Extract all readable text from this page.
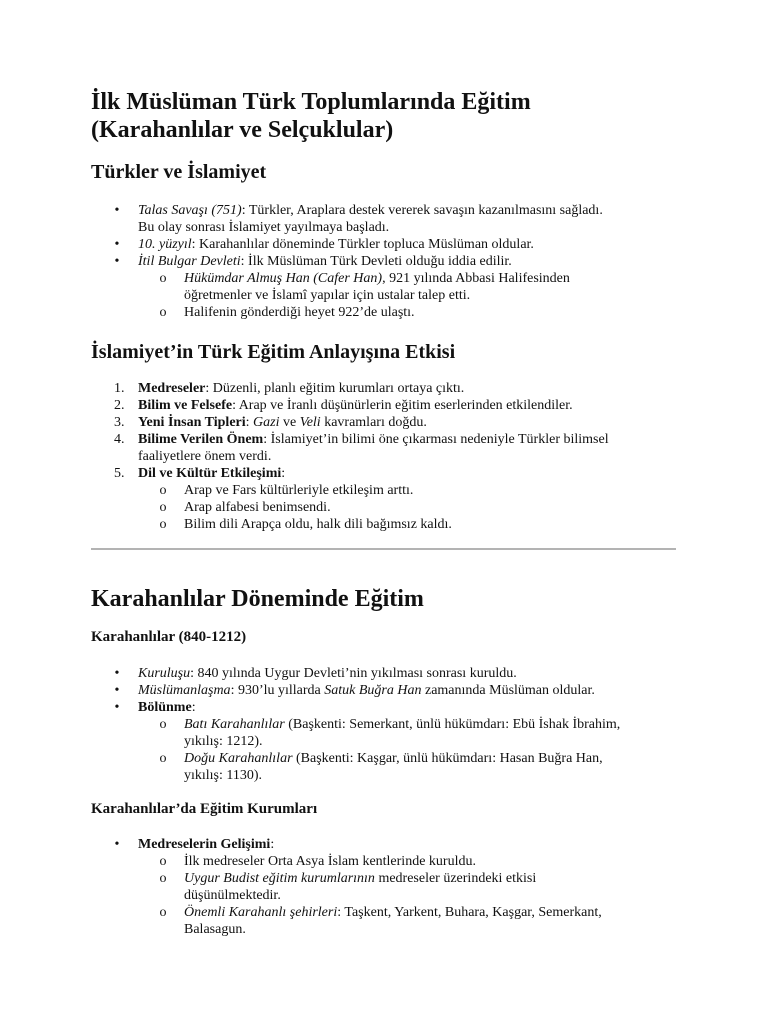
İlk Müslüman Türk Toplumlarında Eğitim
(Karahanlılar ve Selçuklular)
Türkler ve İslamiyet
• Talas Savaşı (751): Türkler, Araplara destek vererek savaşın kazanılmasını sağladı.
Bu olay sonrası İslamiyet yayılmaya başladı.
• 10. yüzyıl: Karahanlılar döneminde Türkler topluca Müslüman oldular.
• İtil Bulgar Devleti: İlk Müslüman Türk Devleti olduğu iddia edilir.
o Hükümdar Almuş Han (Cafer Han), 921 yılında Abbasi Halifesinden
öğretmenler ve İslamî yapılar için ustalar talep etti.
o Halifenin gönderdiği heyet 922’de ulaştı.
İslamiyet’in Türk Eğitim Anlayışına Etkisi
1. Medreseler: Düzenli, planlı eğitim kurumları ortaya çıktı.
2. Bilim ve Felsefe: Arap ve İranlı düşünürlerin eğitim eserlerinden etkilendiler.
3. Yeni İnsan Tipleri: Gazi ve Veli kavramları doğdu.
4. Bilime Verilen Önem: İslamiyet’in bilimi öne çıkarması nedeniyle Türkler bilimsel
faaliyetlere önem verdi.
5. Dil ve Kültür Etkileşimi:
o Arap ve Fars kültürleriyle etkileşim arttı.
o Arap alfabesi benimsendi.
o Bilim dili Arapça oldu, halk dili bağımsız kaldı.
Karahanlılar Döneminde Eğitim
Karahanlılar (840-1212)
• Kuruluşu: 840 yılında Uygur Devleti’nin yıkılması sonrası kuruldu.
• Müslümanlaşma: 930’lu yıllarda Satuk Buğra Han zamanında Müslüman oldular.
• Bölünme:
o Batı Karahanlılar (Başkenti: Semerkant, ünlü hükümdarı: Ebü İshak İbrahim,
yıkılış: 1212).
o Doğu Karahanlılar (Başkenti: Kaşgar, ünlü hükümdarı: Hasan Buğra Han,
yıkılış: 1130).
Karahanlılar’da Eğitim Kurumları
• Medreselerin Gelişimi:
o İlk medreseler Orta Asya İslam kentlerinde kuruldu.
o Uygur Budist eğitim kurumlarının medreseler üzerindeki etkisi
düşünülmektedir.
o Önemli Karahanlı şehirleri: Taşkent, Yarkent, Buhara, Kaşgar, Semerkant,
Balasagun.
